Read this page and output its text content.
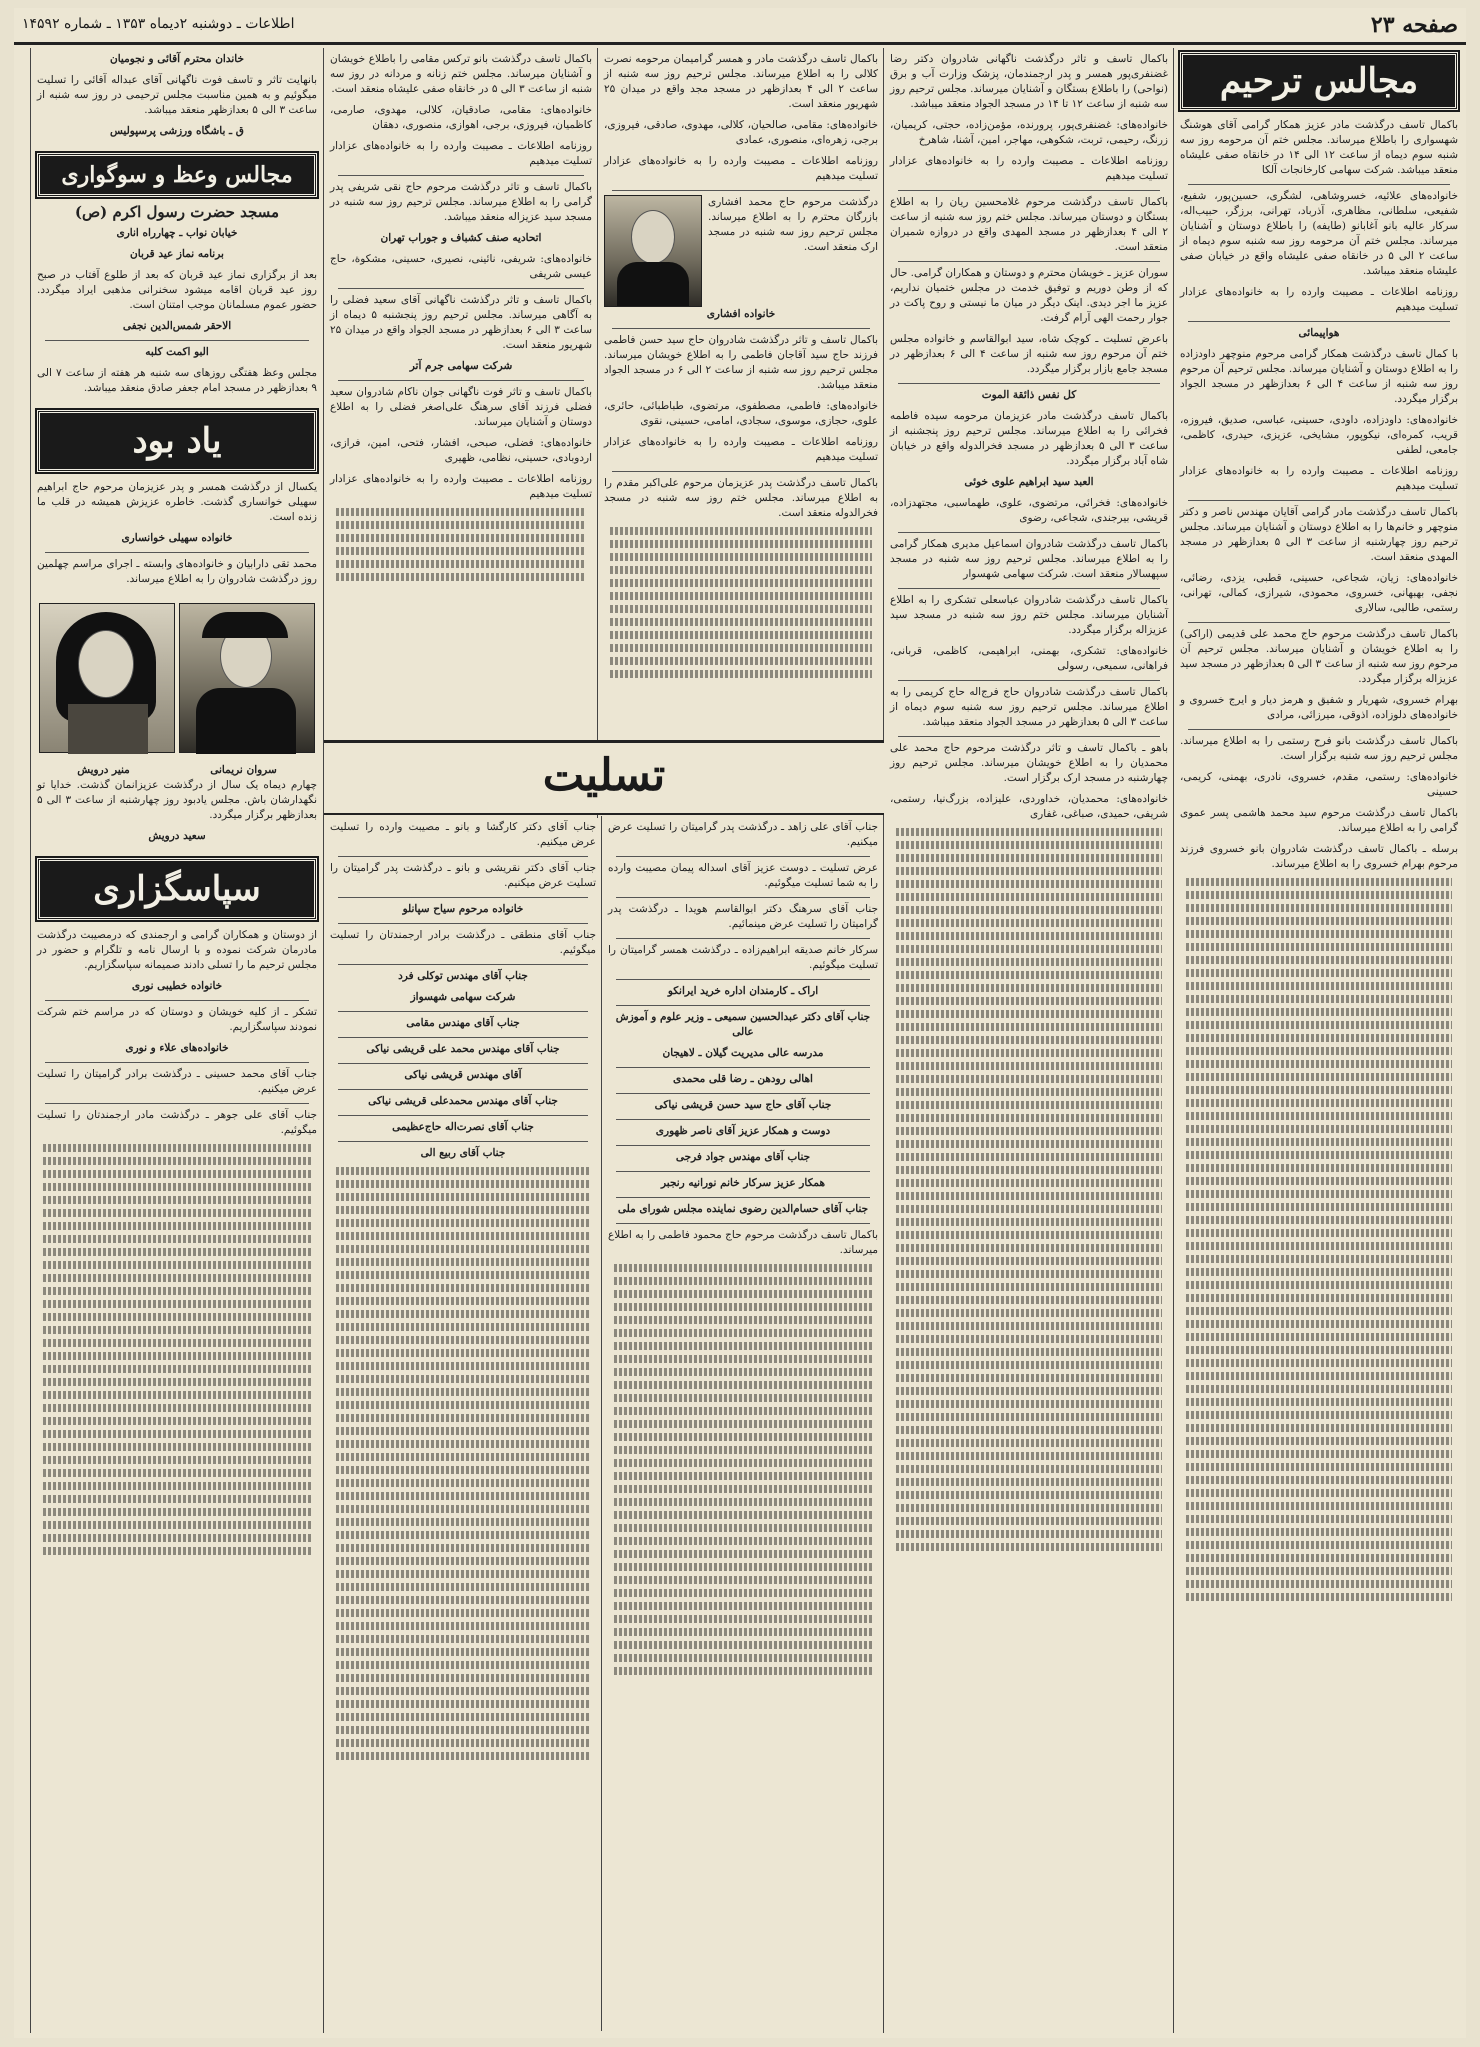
صفحه ۲۳
اطلاعات ـ دوشنبه ۲دیماه ۱۳۵۳ ـ شماره ۱۴۵۹۲
مجالس ترحیم

باکمال تاسف درگذشت مادر عزیز همکار گرامی آقای هوشنگ شهسواری را باطلاع میرساند. مجلس ختم آن مرحومه روز سه شنبه سوم دیماه از ساعت ۱۲ الی ۱۴ در خانقاه صفی علیشاه منعقد میباشد. شرکت سهامی کارخانجات آلکا

خانواده‌های علائیه، خسروشاهی، لشگری، حسین‌پور، شفیع، شفیعی، سلطانی، مظاهری، آذرباد، تهرانی، برزگر، حبیب‌اله، سرکار عالیه بانو آغابانو (طایفه) را باطلاع دوستان و آشنایان میرساند. مجلس ختم آن مرحومه روز سه شنبه سوم دیماه از ساعت ۲ الی ۵ در خانقاه صفی علیشاه واقع در خیابان صفی علیشاه منعقد میباشد.

روزنامه اطلاعات ـ مصیبت وارده را به خانواده‌های عزادار تسلیت میدهیم

هواپیمائی

با کمال تاسف درگذشت همکار گرامی مرحوم منوچهر داودزاده را به اطلاع دوستان و آشنایان میرساند. مجلس ترحیم آن مرحوم روز سه شنبه از ساعت ۴ الی ۶ بعدازظهر در مسجد الجواد برگزار میگردد.

خانواده‌های: داودزاده، داودی، حسینی، عباسی، صدیق، فیروزه، قریب، کمره‌ای، نیکوپور، مشایخی، عزیزی، حیدری، کاظمی، جامعی، لطفی

روزنامه اطلاعات ـ مصیبت وارده را به خانواده‌های عزادار تسلیت میدهیم

باکمال تاسف درگذشت مادر گرامی آقایان مهندس ناصر و دکتر منوچهر و خانم‌ها را به اطلاع دوستان و آشنایان میرساند. مجلس ترحیم روز چهارشنبه از ساعت ۳ الی ۵ بعدازظهر در مسجد المهدی منعقد است.

خانواده‌های: زیان، شجاعی، حسینی، قطبی، یزدی، رضائی، نجفی، بهبهانی، خسروی، محمودی، شیرازی، کمالی، تهرانی، رستمی، طالبی، سالاری

باکمال تاسف درگذشت مرحوم حاج محمد علی قدیمی (اراکی) را به اطلاع خویشان و آشنایان میرساند. مجلس ترحیم آن مرحوم روز سه شنبه از ساعت ۳ الی ۵ بعدازظهر در مسجد سید عزیزاله برگزار میگردد.

بهرام خسروی، شهریار و شفیق و هرمز دیار و ایرج خسروی و خانواده‌های دلوزاده، اذوقی، میرزائی، مرادی

باکمال تاسف درگذشت بانو فرح رستمی را به اطلاع میرساند. مجلس ترحیم روز سه شنبه برگزار است.

خانواده‌های: رستمی، مقدم، خسروی، نادری، بهمنی، کریمی، حسینی

باکمال تاسف درگذشت مرحوم سید محمد هاشمی پسر عموی گرامی را به اطلاع میرساند.

برسله ـ باکمال تاسف درگذشت شادروان بانو خسروی فرزند مرحوم بهرام خسروی را به اطلاع میرساند.

باکمال تاسف و تاثر درگذشت ناگهانی شادروان دکتر رضا غضنفری‌پور همسر و پدر ارجمندمان، پزشک وزارت آب و برق (نواحی) را باطلاع بستگان و آشنایان میرساند. مجلس ترحیم روز سه شنبه از ساعت ۱۲ تا ۱۴ در مسجد الجواد منعقد میباشد.

خانواده‌های: غضنفری‌پور، پرورنده، مؤمن‌زاده، حجتی، کریمیان، زرنگ، رحیمی، تربت، شکوهی، مهاجر، امین، آشنا، شاهرخ

روزنامه اطلاعات ـ مصیبت وارده را به خانواده‌های عزادار تسلیت میدهیم

باکمال تاسف درگذشت مرحوم غلامحسین ریان را به اطلاع بستگان و دوستان میرساند. مجلس ختم روز سه شنبه از ساعت ۲ الی ۴ بعدازظهر در مسجد المهدی واقع در دروازه شمیران منعقد است.

سوران عزیز ـ خویشان محترم و دوستان و همکاران گرامی. حال که از وطن دوریم و توفیق خدمت در مجلس ختمیان نداریم، عزیز ما اجر دیدی. اینک دیگر در میان ما نیستی و روح پاکت در جوار رحمت الهی آرام گرفت.

باعرض تسلیت ـ کوچک شاه، سید ابوالقاسم و خانواده مجلس ختم آن مرحوم روز سه شنبه از ساعت ۴ الی ۶ بعدازظهر در مسجد جامع بازار برگزار میگردد.

کل نفس ذائقة الموت

باکمال تاسف درگذشت مادر عزیزمان مرحومه سیده فاطمه فخرائی را به اطلاع میرساند. مجلس ترحیم روز پنجشنبه از ساعت ۳ الی ۵ بعدازظهر در مسجد فخرالدوله واقع در خیابان شاه آباد برگزار میگردد.

العبد سید ابراهیم علوی خوئی

خانواده‌های: فخرائی، مرتضوی، علوی، طهماسبی، مجتهدزاده، قریشی، بیرجندی، شجاعی، رضوی

باکمال تاسف درگذشت شادروان اسماعیل مدیری همکار گرامی را به اطلاع میرساند. مجلس ترحیم روز سه شنبه در مسجد سپهسالار منعقد است. شرکت سهامی شهسوار

باکمال تاسف درگذشت شادروان عباسعلی تشکری را به اطلاع آشنایان میرساند. مجلس ختم روز سه شنبه در مسجد سید عزیزاله برگزار میگردد.

خانواده‌های: تشکری، بهمنی، ابراهیمی، کاظمی، قربانی، فراهانی، سمیعی، رسولی

باکمال تاسف درگذشت شادروان حاج فرج‌اله حاج کریمی را به اطلاع میرساند. مجلس ترحیم روز سه شنبه سوم دیماه از ساعت ۳ الی ۵ بعدازظهر در مسجد الجواد منعقد میباشد.

باهو ـ باکمال تاسف و تاثر درگذشت مرحوم حاج محمد علی محمدیان را به اطلاع خویشان میرساند. مجلس ترحیم روز چهارشنبه در مسجد ارک برگزار است.

خانواده‌های: محمدیان، خداوردی، علیزاده، بزرگ‌نیا، رستمی، شریفی، حمیدی، صباغی، غفاری

باکمال تاسف درگذشت مادر و همسر گرامیمان مرحومه نصرت کلالی را به اطلاع میرساند. مجلس ترحیم روز سه شنبه از ساعت ۲ الی ۴ بعدازظهر در مسجد مجد واقع در میدان ۲۵ شهریور منعقد است.

خانواده‌های: مقامی، صالحیان، کلالی، مهدوی، صادقی، فیروزی، برجی، زهره‌ای، منصوری، عمادی

روزنامه اطلاعات ـ مصیبت وارده را به خانواده‌های عزادار تسلیت میدهیم

درگذشت مرحوم حاج محمد افشاری بازرگان محترم را به اطلاع میرساند. مجلس ترحیم روز سه شنبه در مسجد ارک منعقد است.

خانواده افشاری

باکمال تاسف و تاثر درگذشت شادروان حاج سید حسن فاطمی فرزند حاج سید آقاجان فاطمی را به اطلاع خویشان میرساند. مجلس ترحیم روز سه شنبه از ساعت ۲ الی ۶ در مسجد الجواد منعقد میباشد.

خانواده‌های: فاطمی، مصطفوی، مرتضوی، طباطبائی، حائری، علوی، حجازی، موسوی، سجادی، امامی، حسینی، نقوی

روزنامه اطلاعات ـ مصیبت وارده را به خانواده‌های عزادار تسلیت میدهیم

باکمال تاسف درگذشت پدر عزیزمان مرحوم علی‌اکبر مقدم را به اطلاع میرساند. مجلس ختم روز سه شنبه در مسجد فخرالدوله منعقد است.

باکمال تاسف درگذشت بانو ترکس مقامی را باطلاع خویشان و آشنایان میرساند. مجلس ختم زنانه و مردانه در روز سه شنبه از ساعت ۳ الی ۵ در خانقاه صفی علیشاه منعقد است.

خانواده‌های: مقامی، صادقیان، کلالی، مهدوی، صارمی، کاظمیان، فیروزی، برجی، اهوازی، منصوری، دهقان

روزنامه اطلاعات ـ مصیبت وارده را به خانواده‌های عزادار تسلیت میدهیم

باکمال تاسف و تاثر درگذشت مرحوم حاج نقی شریفی پدر گرامی را به اطلاع میرساند. مجلس ترحیم روز سه شنبه در مسجد سید عزیزاله منعقد میباشد.

اتحادیه صنف کشباف و جوراب تهران

خانواده‌های: شریفی، نائینی، نصیری، حسینی، مشکوة، حاج عیسی شریفی

باکمال تاسف و تاثر درگذشت ناگهانی آقای سعید فضلی را به آگاهی میرساند. مجلس ترحیم روز پنجشنبه ۵ دیماه از ساعت ۳ الی ۶ بعدازظهر در مسجد الجواد واقع در میدان ۲۵ شهریور منعقد است.

شرکت سهامی جرم آتر

باکمال تاسف و تاثر فوت ناگهانی جوان ناکام شادروان سعید فضلی فرزند آقای سرهنگ علی‌اصغر فضلی را به اطلاع دوستان و آشنایان میرساند.

خانواده‌های: فضلی، صبحی، افشار، فتحی، امین، فرازی، اردوبادی، حسینی، نظامی، ظهیری

روزنامه اطلاعات ـ مصیبت وارده را به خانواده‌های عزادار تسلیت میدهیم

تسلیت

جناب آقای علی زاهد ـ درگذشت پدر گرامیتان را تسلیت عرض میکنیم.

عرض تسلیت ـ دوست عزیز آقای اسداله پیمان مصیبت وارده را به شما تسلیت میگوئیم.

جناب آقای سرهنگ دکتر ابوالقاسم هویدا ـ درگذشت پدر گرامیتان را تسلیت عرض مینمائیم.

سرکار خانم صدیقه ابراهیم‌زاده ـ درگذشت همسر گرامیتان را تسلیت میگوئیم.

اراک ـ کارمندان اداره خرید ایرانکو

جناب آقای دکتر عبدالحسین سمیعی ـ وزیر علوم و آموزش عالی

مدرسه عالی مدیریت گیلان ـ لاهیجان

اهالی رودهن ـ رضا قلی محمدی

جناب آقای حاج سید حسن قریشی نیاکی

دوست و همکار عزیز آقای ناصر ظهوری

جناب آقای مهندس جواد فرجی

همکار عزیز سرکار خانم نورانیه رنجبر

جناب آقای حسام‌الدین رضوی نماینده مجلس شورای ملی

باکمال تاسف درگذشت مرحوم حاج محمود فاطمی را به اطلاع میرساند.

جناب آقای دکتر کارگشا و بانو ـ مصیبت وارده را تسلیت عرض میکنیم.

جناب آقای دکتر نقریشی و بانو ـ درگذشت پدر گرامیتان را تسلیت عرض میکنیم.

خانواده مرحوم سیاح سپانلو

جناب آقای منطقی ـ درگذشت برادر ارجمندتان را تسلیت میگوئیم.

جناب آقای مهندس توکلی فرد

شرکت سهامی شهسواز

جناب آقای مهندس مقامی

جناب آقای مهندس محمد علی قریشی نیاکی

آقای مهندس قریشی نیاکی

جناب آقای مهندس محمدعلی قریشی نیاکی

جناب آقای نصرت‌اله حاج‌عظیمی

جناب آقای ربیع الی

خاندان محترم آقائی و نجومیان

بانهایت تاثر و تاسف فوت ناگهانی آقای عبداله آقائی را تسلیت میگوئیم و به همین مناسبت مجلس ترحیمی در روز سه شنبه از ساعت ۳ الی ۵ بعدازظهر منعقد میباشد.

ق ـ باشگاه ورزشی پرسپولیس

مجالس وعظ و سوگواری

مسجد حضرت رسول اکرم (ص)

خیابان نواب ـ چهارراه اناری

برنامه نماز عید قربان

بعد از برگزاری نماز عید قربان که بعد از طلوع آفتاب در صبح روز عید قربان اقامه میشود سخنرانی مذهبی ایراد میگردد. حضور عموم مسلمانان موجب امتنان است.

الاحقر شمس‌الدین نجفی

البو اکمت کلبه

مجلس وعظ هفتگی روزهای سه شنبه هر هفته از ساعت ۷ الی ۹ بعدازظهر در مسجد امام جعفر صادق منعقد میباشد.

یاد بود

یکسال از درگذشت همسر و پدر عزیزمان مرحوم حاج ابراهیم سهیلی خوانساری گذشت. خاطره عزیزش همیشه در قلب ما زنده است.

خانواده سهیلی خوانساری

محمد تقی دارابیان و خانواده‌های وابسته ـ اجرای مراسم چهلمین روز درگذشت شادروان را به اطلاع میرساند.

سروان نریمانی
منیر درویش

چهارم دیماه یک سال از درگذشت عزیزانمان گذشت. خدایا تو نگهدارشان باش. مجلس یادبود روز چهارشنبه از ساعت ۳ الی ۵ بعدازظهر برگزار میگردد.

سعید درویش

سپاسگزاری

از دوستان و همکاران گرامی و ارجمندی که درمصیبت درگذشت مادرمان شرکت نموده و با ارسال نامه و تلگرام و حضور در مجلس ترحیم ما را تسلی دادند صمیمانه سپاسگزاریم.

خانواده خطیبی نوری

تشکر ـ از کلیه خویشان و دوستان که در مراسم ختم شرکت نمودند سپاسگزاریم.

خانواده‌های علاء و نوری

جناب آقای محمد حسینی ـ درگذشت برادر گرامیتان را تسلیت عرض میکنیم.

جناب آقای علی جوهر ـ درگذشت مادر ارجمندتان را تسلیت میگوئیم.
